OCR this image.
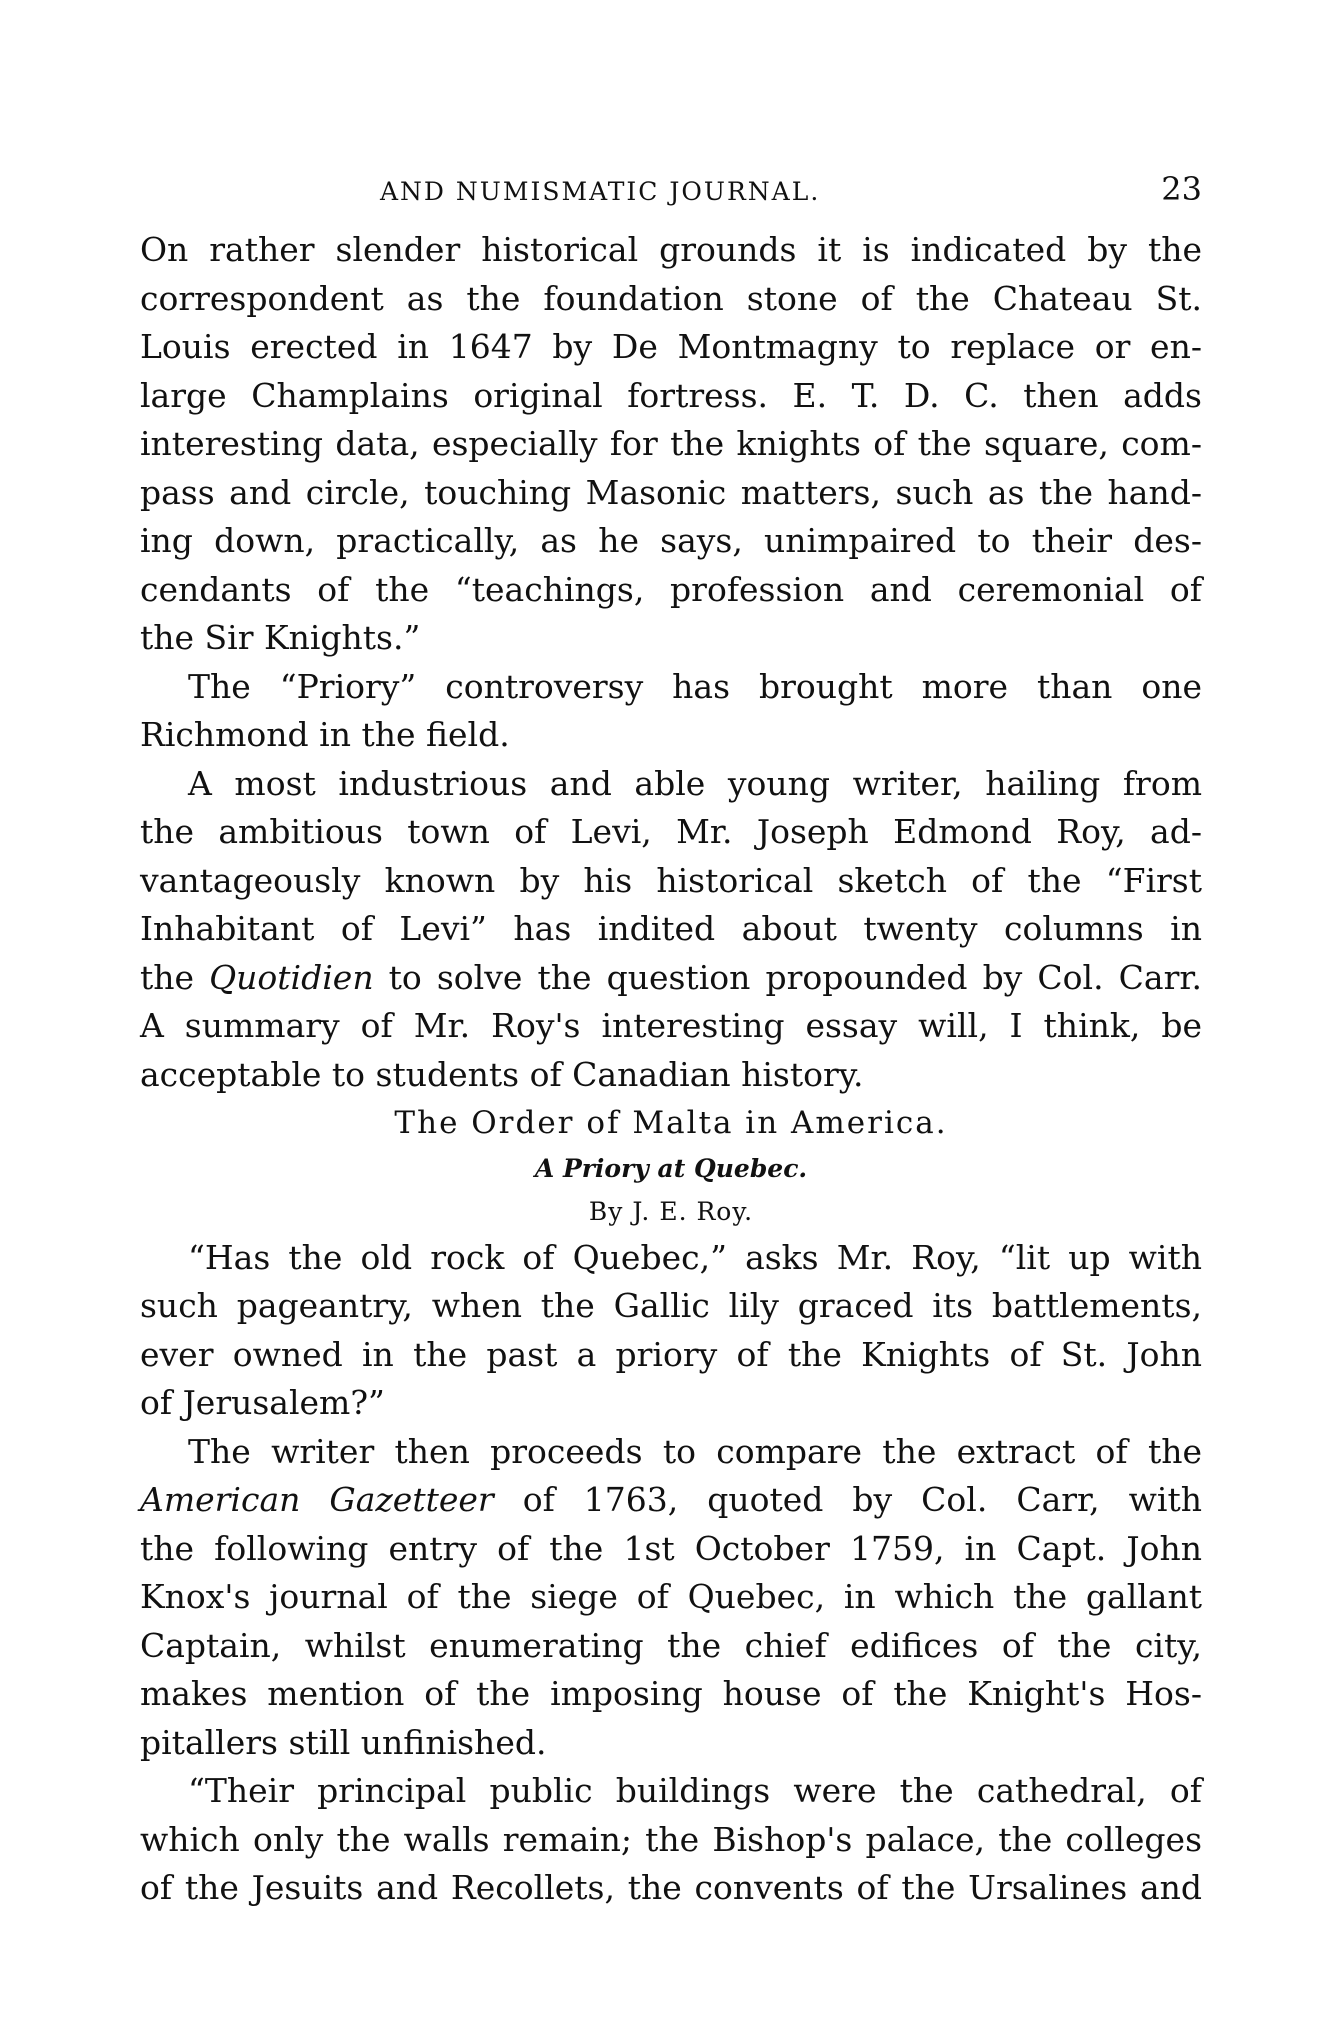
AND NUMISMATIC JOURNAL.	23
On rather slender historical grounds it is indicated by the
correspondent as the foundation stone of the Chateau St.
Louis erected in 1647 by De Montmagny to replace or en-
large Champlains original fortress. E. T. D. C. then adds
interesting data, especially for the knights of the square, com-
pass and circle, touching Masonic matters, such as the hand-
ing down, practically, as he says, unimpaired to their des-
cendants of the “teachings, profession and ceremonial of
the Sir Knights.”
The “Priory” controversy has brought more than one
Richmond in the field.
A most industrious and able young writer, hailing from
the ambitious town of Levi, Mr. Joseph Edmond Roy, ad-
vantageously known by his historical sketch of the “First
Inhabitant of Levi” has indited about twenty columns in
the Quotidien to solve the question propounded by Col. Carr.
A summary of Mr. Roy's interesting essay will, I think, be
acceptable to students of Canadian history.
The Order of Malta in America.
A Priory at Quebec.
By J. E. Roy.
“Has the old rock of Quebec,” asks Mr. Roy, “lit up with
such pageantry, when the Gallic lily graced its battlements,
ever owned in the past a priory of the Knights of St. John
of Jerusalem?”
The writer then proceeds to compare the extract of the
American Gazetteer of 1763, quoted by Col. Carr, with
the following entry of the 1st October 1759, in Capt. John
Knox's journal of the siege of Quebec, in which the gallant
Captain, whilst enumerating the chief edifices of the city,
makes mention of the imposing house of the Knight's Hos-
pitallers still unfinished.
“Their principal public buildings were the cathedral, of
which only the walls remain; the Bishop's palace, the colleges
of the Jesuits and Recollets, the convents of the Ursalines and
